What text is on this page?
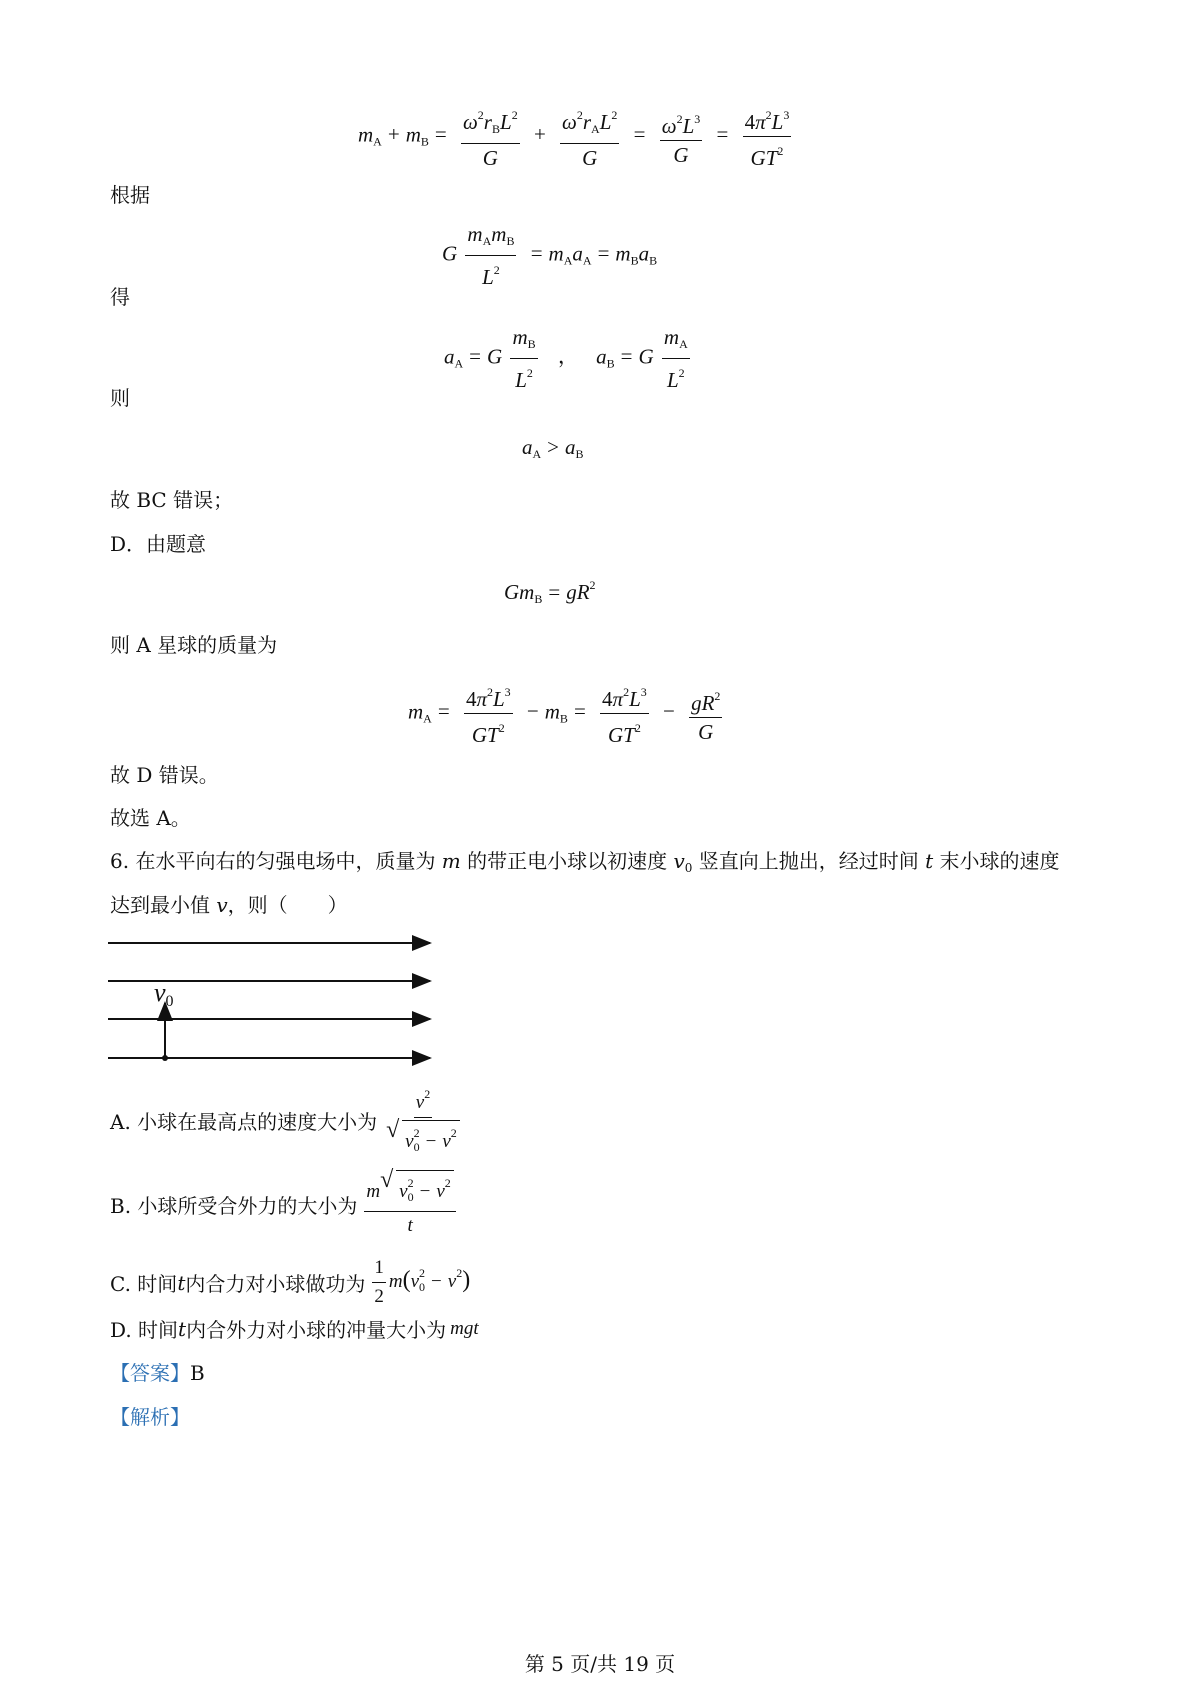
$m_A + m_B = \frac{\omega^2r_BL^2}{G} + \frac{\omega^2r_AL^2}{G} = \frac{\omega^2L^3}{G} = \frac{4\pi^2L^3}{GT^2}$
根据
G $\frac{m_Am_B}{L^2} = m_Aa_A = m_Ba_B$
得
$a_A = G \frac{m_B}{L^2}$ ， $a_B = G \frac{m_A}{L^2}$
则
$a_A > a_B$
故 BC 错误；
D．由题意
$Gm_B = gR^2$
则 A 星球的质量为
$m_A = \frac{4\pi^2L^3}{GT^2} - m_B = \frac{4\pi^2L^3}{GT^2} - \frac{gR^2}{G}$
故 D 错误。
故选 A。
6. 在水平向右的匀强电场中，质量为 m 的带正电小球以初速度 $v_0$ 竖直向上抛出，经过时间 t 末小球的速度
达到最小值 v，则（　　）
v0
A. 小球在最高点的速度大小为 $\frac{v^2}{√ v_0^2 - v^2}$
B. 小球所受合外力的大小为 $\frac{m √ v_0^2 - v^2}{t}$
C. 时间 t 内合力对小球做功为 $\frac{1}{2} m(v_0^2 - v^2)$
D. 时间 t 内合外力对小球的冲量大小为 mgt
【答案】B
【解析】
第 5 页/共 19 页
